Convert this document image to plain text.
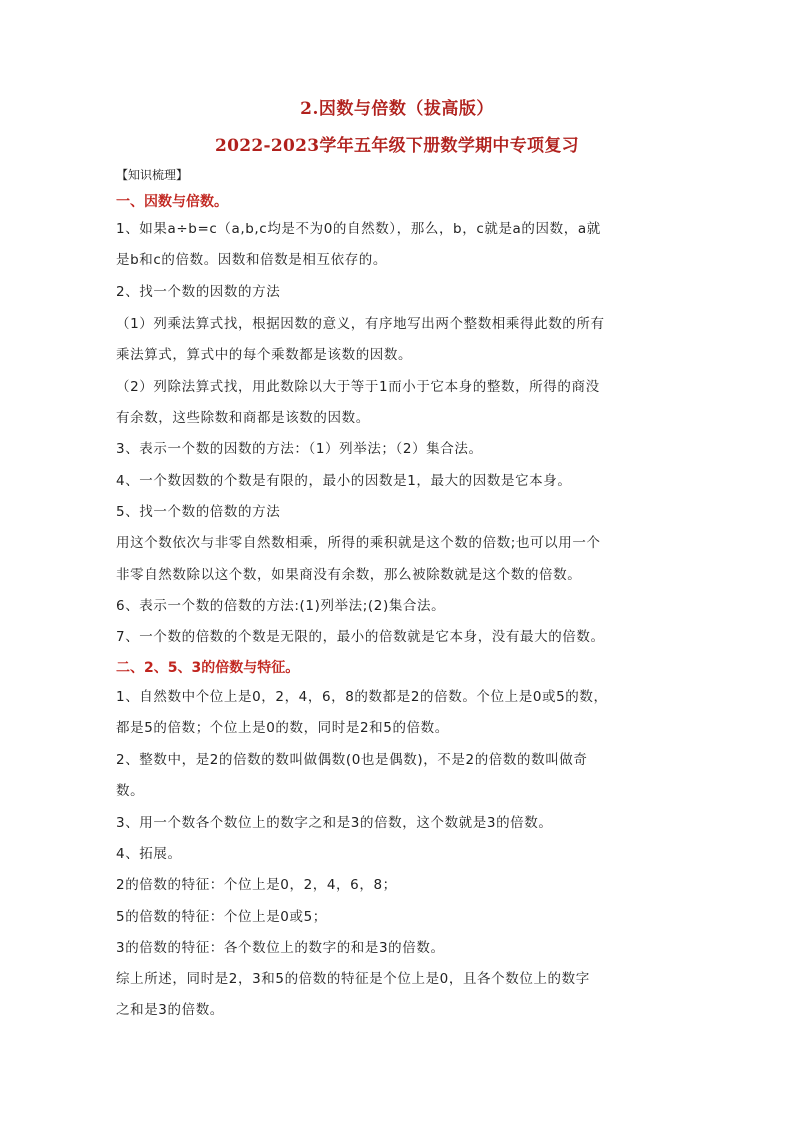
2.因数与倍数（拔高版）
2022-2023学年五年级下册数学期中专项复习
【知识梳理】
一、因数与倍数。
1、如果a÷b=c（a,b,c均是不为0的自然数），那么，b，c就是a的因数，a就
是b和c的倍数。因数和倍数是相互依存的。
2、找一个数的因数的方法
（1）列乘法算式找，根据因数的意义，有序地写出两个整数相乘得此数的所有
乘法算式，算式中的每个乘数都是该数的因数。
（2）列除法算式找，用此数除以大于等于1而小于它本身的整数，所得的商没
有余数，这些除数和商都是该数的因数。
3、表示一个数的因数的方法：（1）列举法；（2）集合法。
4、一个数因数的个数是有限的，最小的因数是1，最大的因数是它本身。
5、找一个数的倍数的方法
用这个数依次与非零自然数相乘，所得的乘积就是这个数的倍数;也可以用一个
非零自然数除以这个数，如果商没有余数，那么被除数就是这个数的倍数。
6、表示一个数的倍数的方法:(1)列举法;(2)集合法。
7、一个数的倍数的个数是无限的，最小的倍数就是它本身，没有最大的倍数。
二、2、5、3的倍数与特征。
1、自然数中个位上是0，2，4，6，8的数都是2的倍数。个位上是0或5的数，
都是5的倍数；个位上是0的数，同时是2和5的倍数。
2、整数中，是2的倍数的数叫做偶数(0也是偶数)，不是2的倍数的数叫做奇
数。
3、用一个数各个数位上的数字之和是3的倍数，这个数就是3的倍数。
4、拓展。
2的倍数的特征：个位上是0，2，4，6，8；
5的倍数的特征：个位上是0或5；
3的倍数的特征：各个数位上的数字的和是3的倍数。
综上所述，同时是2，3和5的倍数的特征是个位上是0，且各个数位上的数字
之和是3的倍数。
